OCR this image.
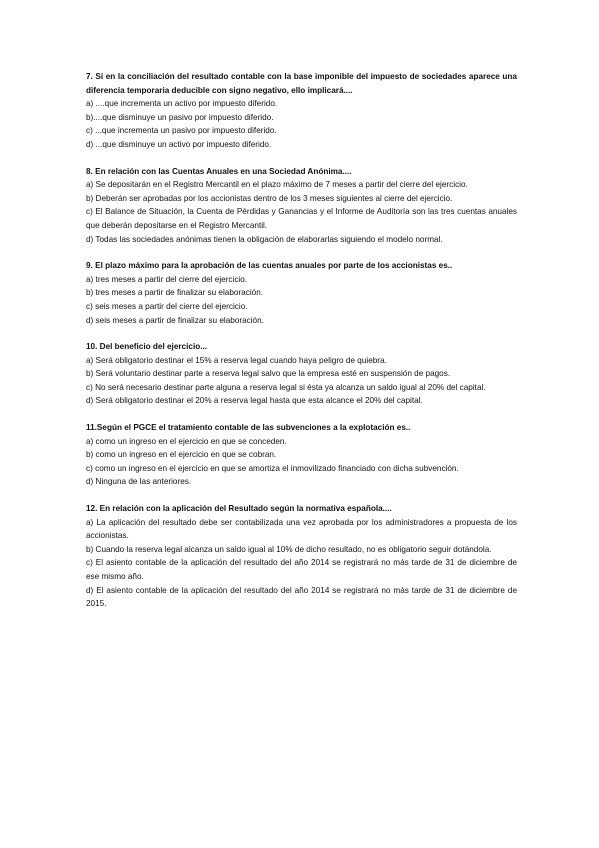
7. Si en la conciliación del resultado contable con la base imponible del impuesto de sociedades aparece una diferencia temporaria deducible con signo negativo, ello implicará....

a) ....que incrementa un activo por impuesto diferido.

b)....que disminuye un pasivo por impuesto diferido.

c) ...que incrementa un pasivo por impuesto diferido.

d) ...que disminuye un activo por impuesto diferido.

8. En relación con las Cuentas Anuales en una Sociedad Anónima....

a) Se depositarán en el Registro Mercantil en el plazo máximo de 7 meses a partir del cierre del ejercicio.

b) Deberán ser aprobadas por los accionistas dentro de los 3 meses siguientes al cierre del ejercicio.

c) El Balance de Situación, la Cuenta de Pérdidas y Ganancias y el Informe de Auditoría son las tres cuentas anuales que deberán depositarse en el Registro Mercantil.

d) Todas las sociedades anónimas tienen la obligación de elaborarlas siguiendo el modelo normal.

9. El plazo máximo para la aprobación de las cuentas anuales por parte de los accionistas es..

a) tres meses a partir del cierre del ejercicio.

b) tres meses a partir de finalizar su elaboración.

c) seis meses a partir del cierre del ejercicio.

d) seis meses a partir de finalizar su elaboración.

10. Del beneficio del ejercicio...

a) Será obligatorio destinar el 15% a reserva legal cuando haya peligro de quiebra.

b) Será voluntario destinar parte a reserva legal salvo que la empresa esté en suspensión de pagos.

c) No será necesario destinar parte alguna a reserva legal si ésta ya alcanza un saldo igual al 20% del capital.

d) Será obligatorio destinar el 20% a reserva legal hasta que esta alcance el 20% del capital.

11.Según el PGCE el tratamiento contable de las subvenciones a la explotación es..

a) como un ingreso en el ejercicio en que se conceden.

b) como un ingreso en el ejercicio en que se cobran.

c) como un ingreso en el ejercicio en que se amortiza el inmovilizado financiado con dicha subvención.

d) Ninguna de las anteriores.

12. En relación con la aplicación del Resultado según la normativa española....

a) La aplicación del resultado debe ser contabilizada una vez aprobada por los administradores a propuesta de los accionistas.

b) Cuando la reserva legal alcanza un saldo igual al 10% de dicho resultado, no es obligatorio seguir dotándola.

c) El asiento contable de la aplicación del resultado del año 2014 se registrará no más tarde de 31 de diciembre de ese mismo año.

d) El asiento contable de la aplicación del resultado del año 2014 se registrará no más tarde de 31 de diciembre de 2015.
